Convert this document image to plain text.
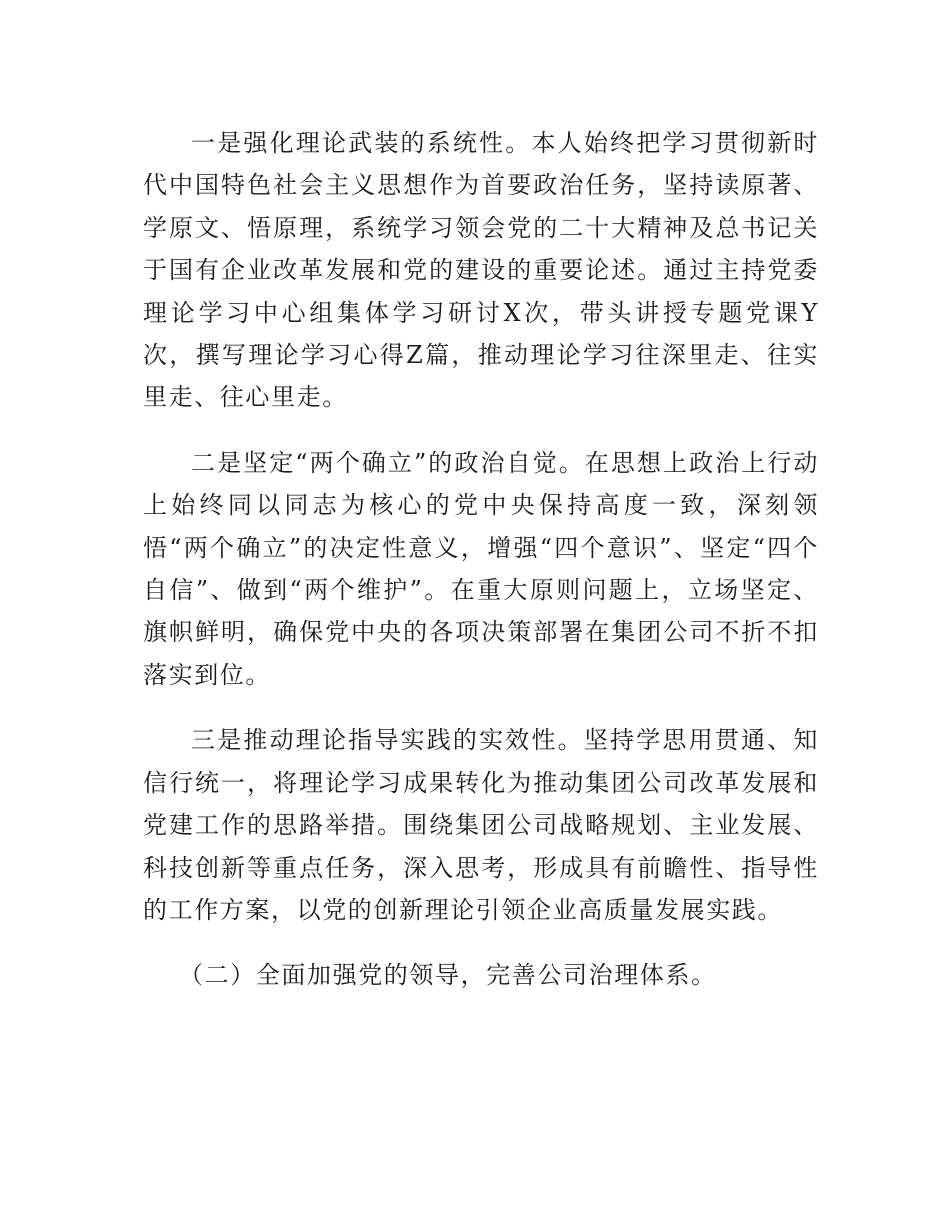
一是强化理论武装的系统性。本人始终把学习贯彻新时代中国特色社会主义思想作为首要政治任务，坚持读原著、学原文、悟原理，系统学习领会党的二十大精神及总书记关于国有企业改革发展和党的建设的重要论述。通过主持党委理论学习中心组集体学习研讨X次，带头讲授专题党课Y次，撰写理论学习心得Z篇，推动理论学习往深里走、往实里走、往心里走。

二是坚定“两个确立”的政治自觉。在思想上政治上行动上始终同以同志为核心的党中央保持高度一致，深刻领悟“两个确立”的决定性意义，增强“四个意识”、坚定“四个自信”、做到“两个维护”。在重大原则问题上，立场坚定、旗帜鲜明，确保党中央的各项决策部署在集团公司不折不扣落实到位。

三是推动理论指导实践的实效性。坚持学思用贯通、知信行统一，将理论学习成果转化为推动集团公司改革发展和党建工作的思路举措。围绕集团公司战略规划、主业发展、科技创新等重点任务，深入思考，形成具有前瞻性、指导性的工作方案，以党的创新理论引领企业高质量发展实践。

（二）全面加强党的领导，完善公司治理体系。
